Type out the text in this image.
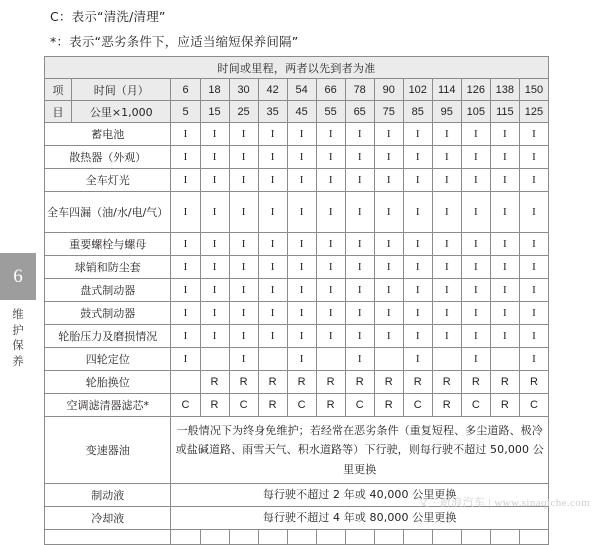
C：表示“清洗/清理”
*：表示“恶劣条件下，应适当缩短保养间隔”
6
维
护
保
养
时间或里程，两者以先到者为准														
项	时间（月）	6	18	30	42	54	66	78	90	102	114	126	138	150
目	公里×1,000	5	15	25	35	45	55	65	75	85	95	105	115	125
蓄电池		I	I	I	I	I	I	I	I	I	I	I	I	I
散热器（外观）		I	I	I	I	I	I	I	I	I	I	I	I	I
全车灯光		I	I	I	I	I	I	I	I	I	I	I	I	I
全车四漏（油/水/电/气）		I	I	I	I	I	I	I	I	I	I	I	I	I
重要螺栓与螺母		I	I	I	I	I	I	I	I	I	I	I	I	I
球销和防尘套		I	I	I	I	I	I	I	I	I	I	I	I	I
盘式制动器		I	I	I	I	I	I	I	I	I	I	I	I	I
鼓式制动器		I	I	I	I	I	I	I	I	I	I	I	I	I
轮胎压力及磨损情况		I	I	I	I	I	I	I	I	I	I	I	I	I
四轮定位		I		I		I		I		I		I		I
轮胎换位			R	R	R	R	R	R	R	R	R	R	R	R
空调滤清器滤芯*		C	R	C	R	C	R	C	R	C	R	C	R	C
变速器油		一般情况下为终身免维护；若经常在恶劣条件（重复短程、多尘道路、极冷或盐碱道路、雨雪天气、积水道路等）下行驶，则每行驶不超过 50,000 公里更换												
制动液		每行驶不超过 2 年或 40,000 公里更换												
冷却液		每行驶不超过 4 年或 80,000 公里更换												

文 · 新浪汽车 | www.sinaqiche.com
